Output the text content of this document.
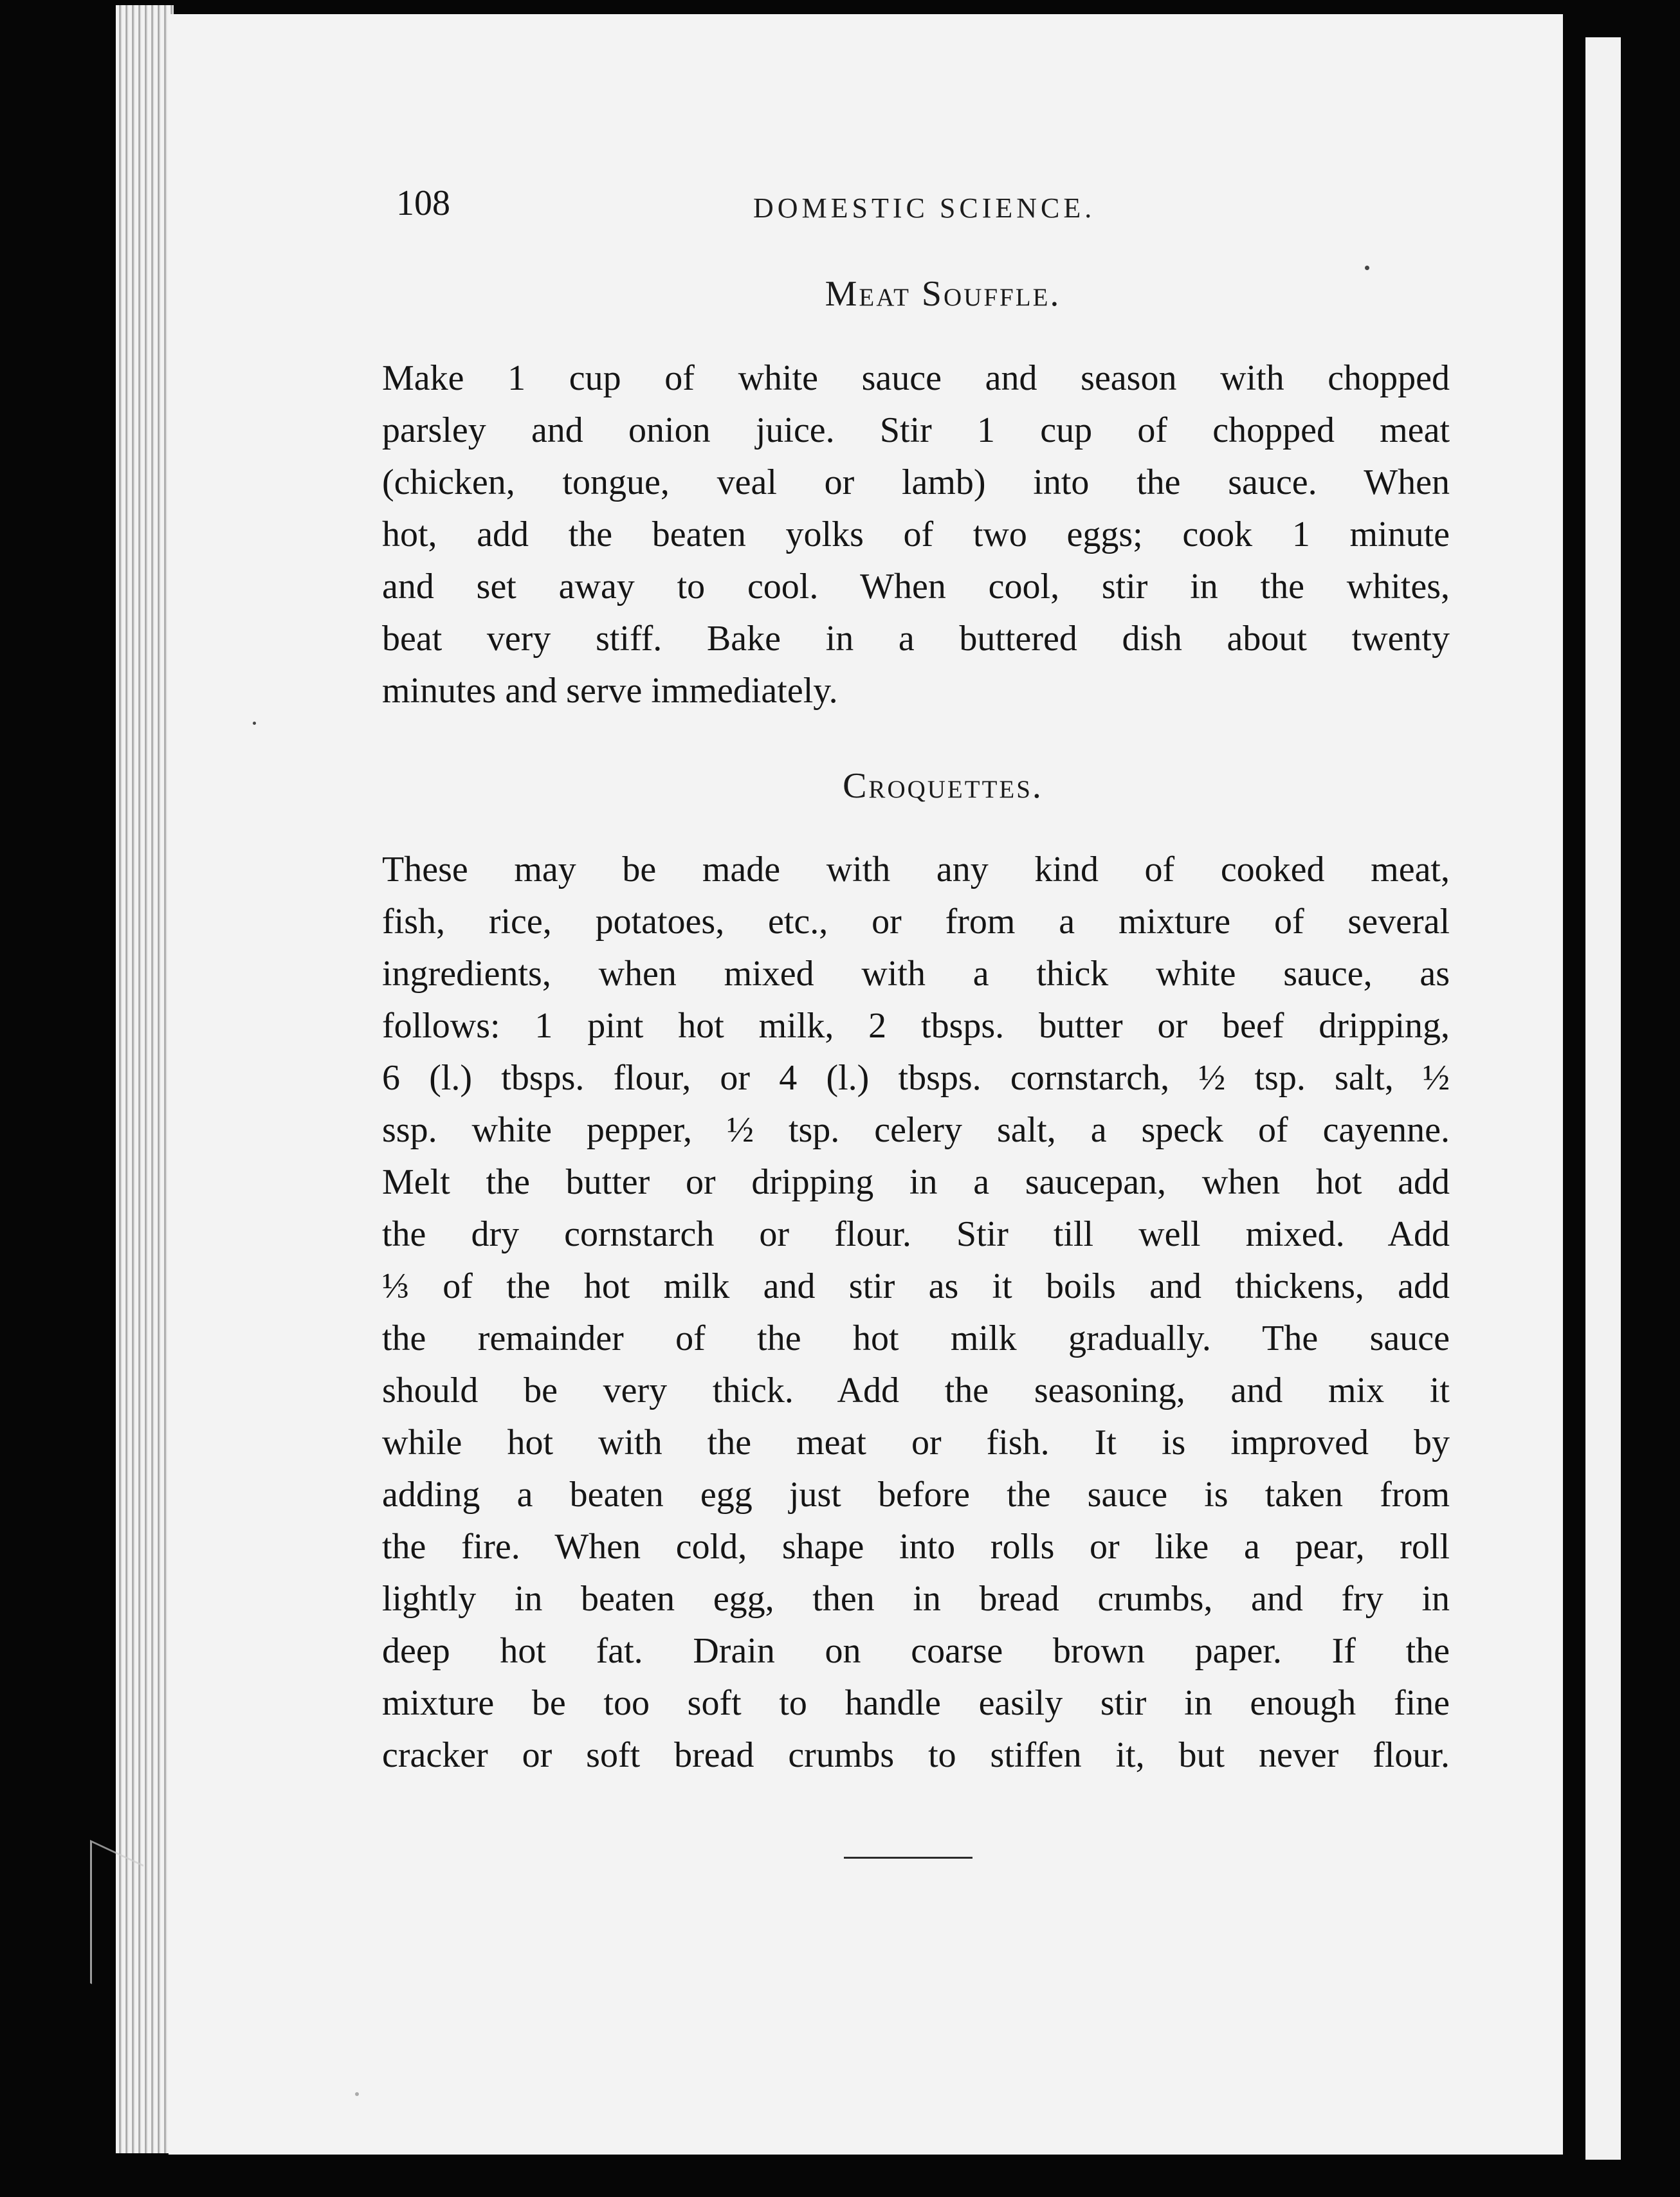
108	DOMESTIC SCIENCE.
Meat Souffle.
Make 1 cup of white sauce and season with chopped
parsley and onion juice. Stir 1 cup of chopped meat
(chicken, tongue, veal or lamb) into the sauce. When
hot, add the beaten yolks of two eggs; cook 1 minute
and set away to cool. When cool, stir in the whites,
beat very stiff. Bake in a buttered dish about twenty
minutes and serve immediately.
Croquettes.
These may be made with any kind of cooked meat,
fish, rice, potatoes, etc., or from a mixture of several
ingredients, when mixed with a thick white sauce, as
follows: 1 pint hot milk, 2 tbsps. butter or beef dripping,
6 (l.) tbsps. flour, or 4 (l.) tbsps. cornstarch, ½ tsp. salt, ½
ssp. white pepper, ½ tsp. celery salt, a speck of cayenne.
Melt the butter or dripping in a saucepan, when hot add
the dry cornstarch or flour. Stir till well mixed. Add
⅓ of the hot milk and stir as it boils and thickens, add
the remainder of the hot milk gradually. The sauce
should be very thick. Add the seasoning, and mix it
while hot with the meat or fish. It is improved by
adding a beaten egg just before the sauce is taken from
the fire. When cold, shape into rolls or like a pear, roll
lightly in beaten egg, then in bread crumbs, and fry in
deep hot fat. Drain on coarse brown paper. If the
mixture be too soft to handle easily stir in enough fine
cracker or soft bread crumbs to stiffen it, but never flour.
